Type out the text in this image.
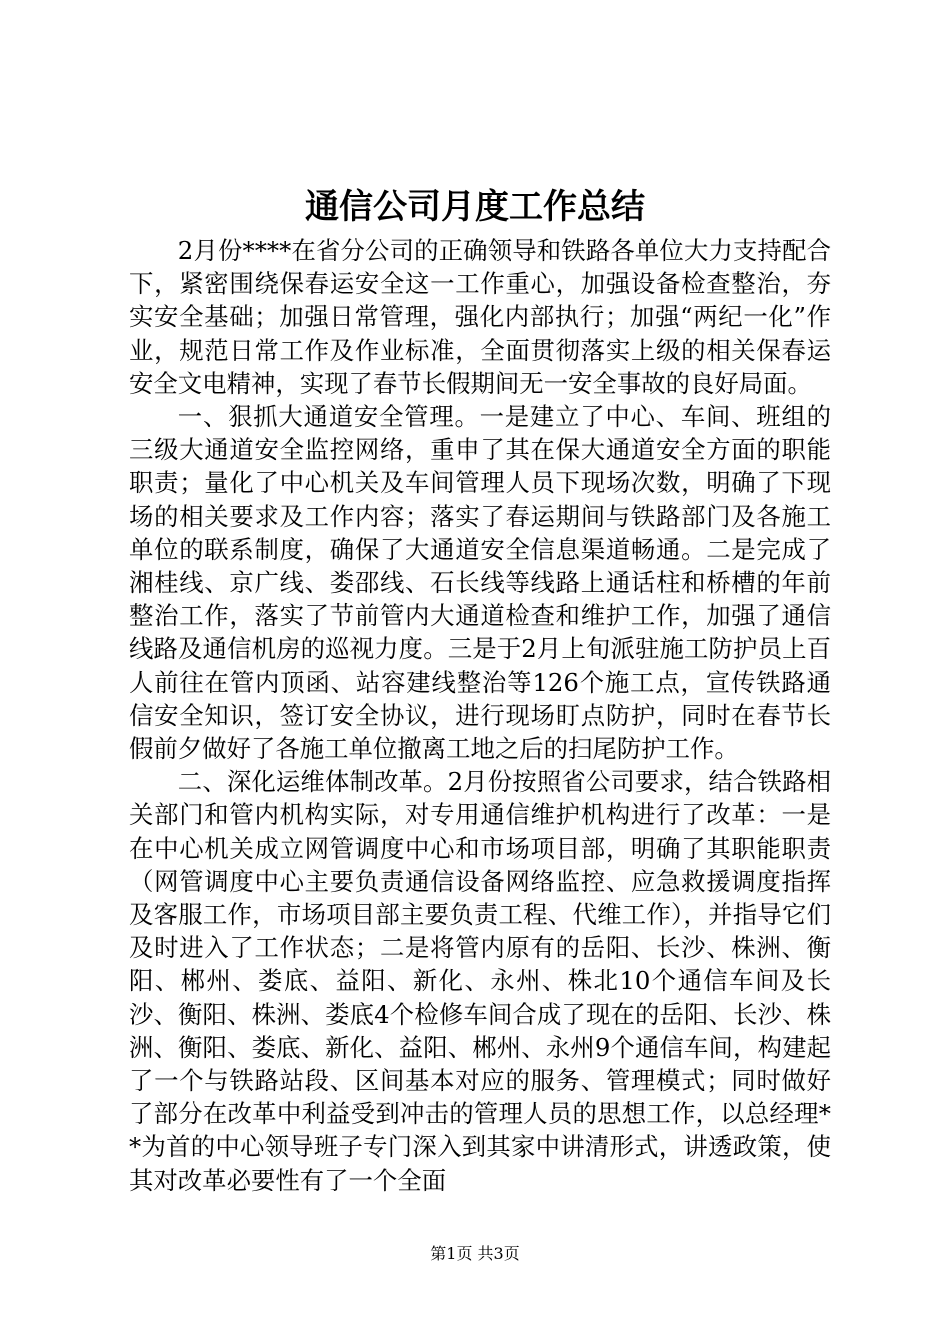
通信公司月度工作总结

2月份****在省分公司的正确领导和铁路各单位大力支持配合下，紧密围绕保春运安全这一工作重心，加强设备检查整治，夯实安全基础；加强日常管理，强化内部执行；加强“两纪一化”作业，规范日常工作及作业标准，全面贯彻落实上级的相关保春运安全文电精神，实现了春节长假期间无一安全事故的良好局面。

一、狠抓大通道安全管理。一是建立了中心、车间、班组的三级大通道安全监控网络，重申了其在保大通道安全方面的职能职责；量化了中心机关及车间管理人员下现场次数，明确了下现场的相关要求及工作内容；落实了春运期间与铁路部门及各施工单位的联系制度，确保了大通道安全信息渠道畅通。二是完成了湘桂线、京广线、娄邵线、石长线等线路上通话柱和桥槽的年前整治工作，落实了节前管内大通道检查和维护工作，加强了通信线路及通信机房的巡视力度。三是于2月上旬派驻施工防护员上百人前往在管内顶函、站容建线整治等126个施工点，宣传铁路通信安全知识，签订安全协议，进行现场盯点防护，同时在春节长假前夕做好了各施工单位撤离工地之后的扫尾防护工作。

二、深化运维体制改革。2月份按照省公司要求，结合铁路相关部门和管内机构实际，对专用通信维护机构进行了改革：一是在中心机关成立网管调度中心和市场项目部，明确了其职能职责（网管调度中心主要负责通信设备网络监控、应急救援调度指挥及客服工作，市场项目部主要负责工程、代维工作），并指导它们及时进入了工作状态；二是将管内原有的岳阳、长沙、株洲、衡阳、郴州、娄底、益阳、新化、永州、株北10个通信车间及长沙、衡阳、株洲、娄底4个检修车间合成了现在的岳阳、长沙、株洲、衡阳、娄底、新化、益阳、郴州、永州9个通信车间，构建起了一个与铁路站段、区间基本对应的服务、管理模式；同时做好了部分在改革中利益受到冲击的管理人员的思想工作，以总经理**为首的中心领导班子专门深入到其家中讲清形式，讲透政策，使其对改革必要性有了一个全面

第1页 共3页
